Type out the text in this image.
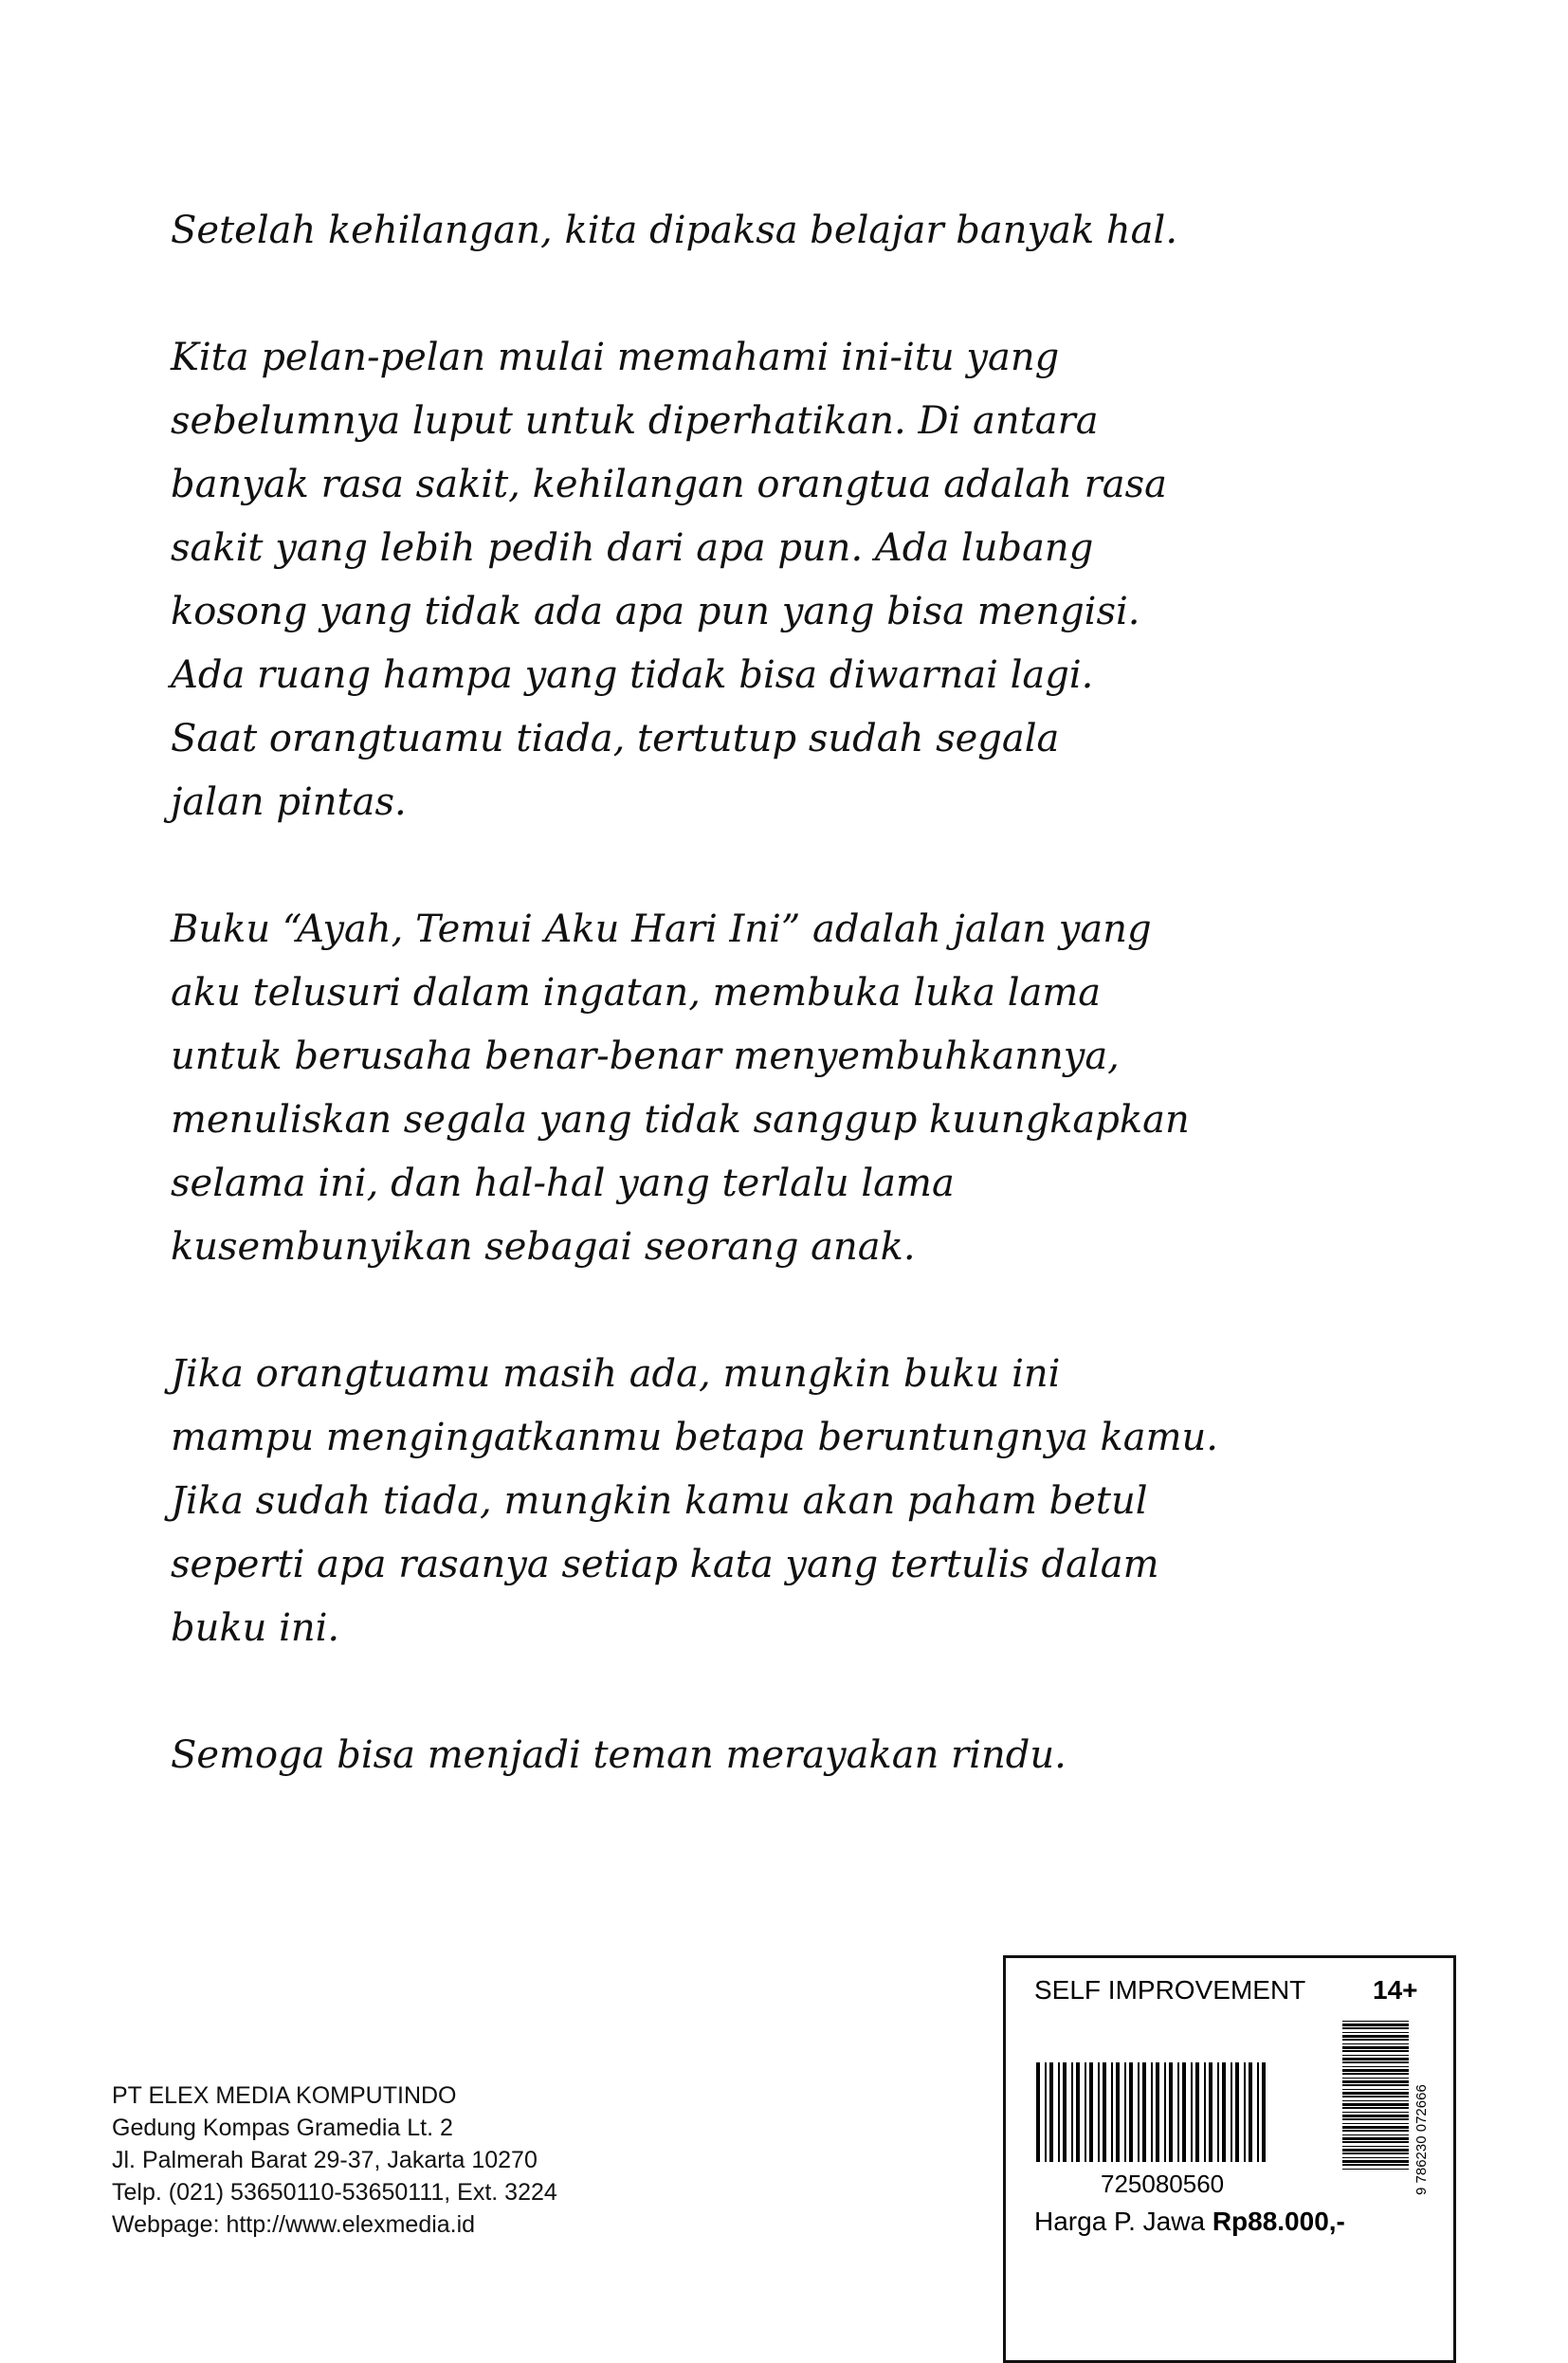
Setelah kehilangan, kita dipaksa belajar banyak hal.

Kita pelan-pelan mulai memahami ini-itu yang
sebelumnya luput untuk diperhatikan. Di antara
banyak rasa sakit, kehilangan orangtua adalah rasa
sakit yang lebih pedih dari apa pun. Ada lubang
kosong yang tidak ada apa pun yang bisa mengisi.
Ada ruang hampa yang tidak bisa diwarnai lagi.
Saat orangtuamu tiada, tertutup sudah segala
jalan pintas.

Buku “Ayah, Temui Aku Hari Ini” adalah jalan yang
aku telusuri dalam ingatan, membuka luka lama
untuk berusaha benar-benar menyembuhkannya,
menuliskan segala yang tidak sanggup kuungkapkan
selama ini, dan hal-hal yang terlalu lama
kusembunyikan sebagai seorang anak.

Jika orangtuamu masih ada, mungkin buku ini
mampu mengingatkanmu betapa beruntungnya kamu.
Jika sudah tiada, mungkin kamu akan paham betul
seperti apa rasanya setiap kata yang tertulis dalam
buku ini.

Semoga bisa menjadi teman merayakan rindu.

PT ELEX MEDIA KOMPUTINDO
Gedung Kompas Gramedia Lt. 2
Jl. Palmerah Barat 29-37, Jakarta 10270
Telp. (021) 53650110-53650111, Ext. 3224
Webpage: http://www.elexmedia.id
SELF IMPROVEMENT	14+
9 786230 072666
725080560
Harga P. Jawa Rp88.000,-
